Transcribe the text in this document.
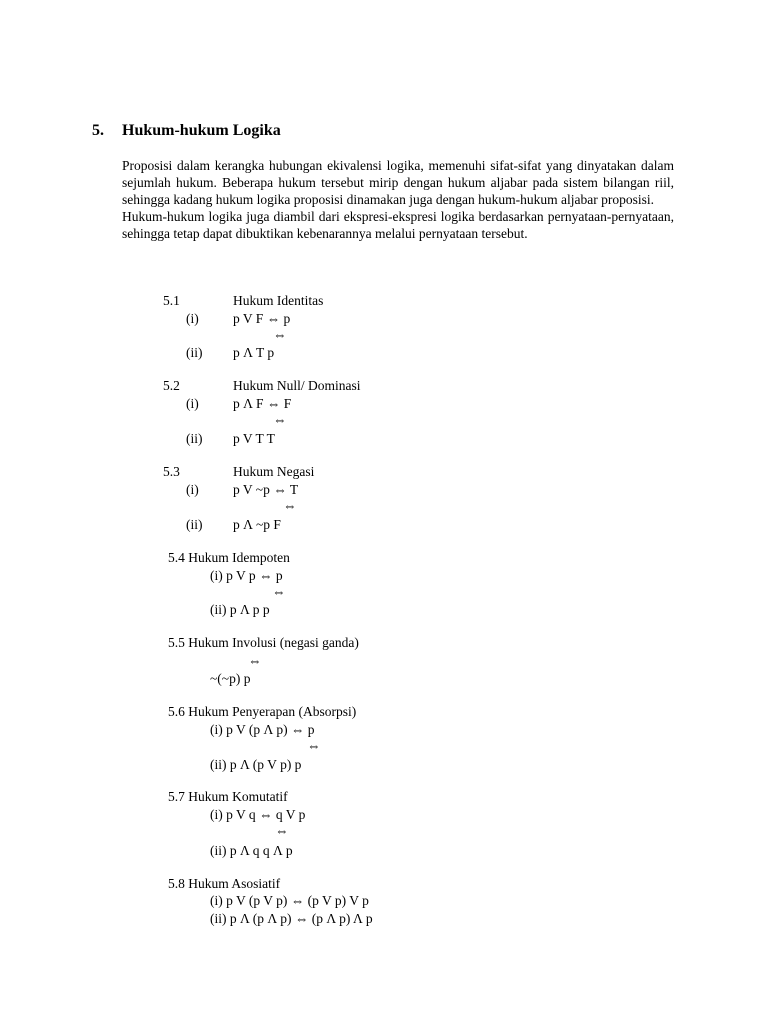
5. Hukum-hukum Logika

Proposisi dalam kerangka hubungan ekivalensi logika, memenuhi sifat-sifat yang dinyatakan dalam sejumlah hukum. Beberapa hukum tersebut mirip dengan hukum aljabar pada sistem bilangan riil, sehingga kadang hukum logika proposisi dinamakan juga dengan hukum-hukum aljabar proposisi.

Hukum-hukum logika juga diambil dari ekspresi-ekspresi logika berdasarkan pernyataan-pernyataan, sehingga tetap dapat dibuktikan kebenarannya melalui pernyataan tersebut.

5.1	Hukum Identitas
(i)	p V F ⇔ p
⇔
(ii) p Λ T p
5.2	Hukum Null/ Dominasi
(i)	p Λ F ⇔ F
⇔
(ii) p V T T
5.3	Hukum Negasi
(i)	p V ~p ⇔ T
⇔
(ii) p Λ ~p F
5.4 Hukum Idempoten
(i) p V p ⇔ p
⇔
(ii) p Λ p p
5.5 Hukum Involusi (negasi ganda)
⇔
~(~p) p
5.6 Hukum Penyerapan (Absorpsi)
(i) p V (p Λ p) ⇔ p
⇔
(ii) p Λ (p V p) p
5.7 Hukum Komutatif
(i) p V q ⇔ q V p
⇔
(ii) p Λ q q Λ p
5.8 Hukum Asosiatif
(i) p V (p V p) ⇔ (p V p) V p
(ii) p Λ (p Λ p) ⇔ (p Λ p) Λ p
